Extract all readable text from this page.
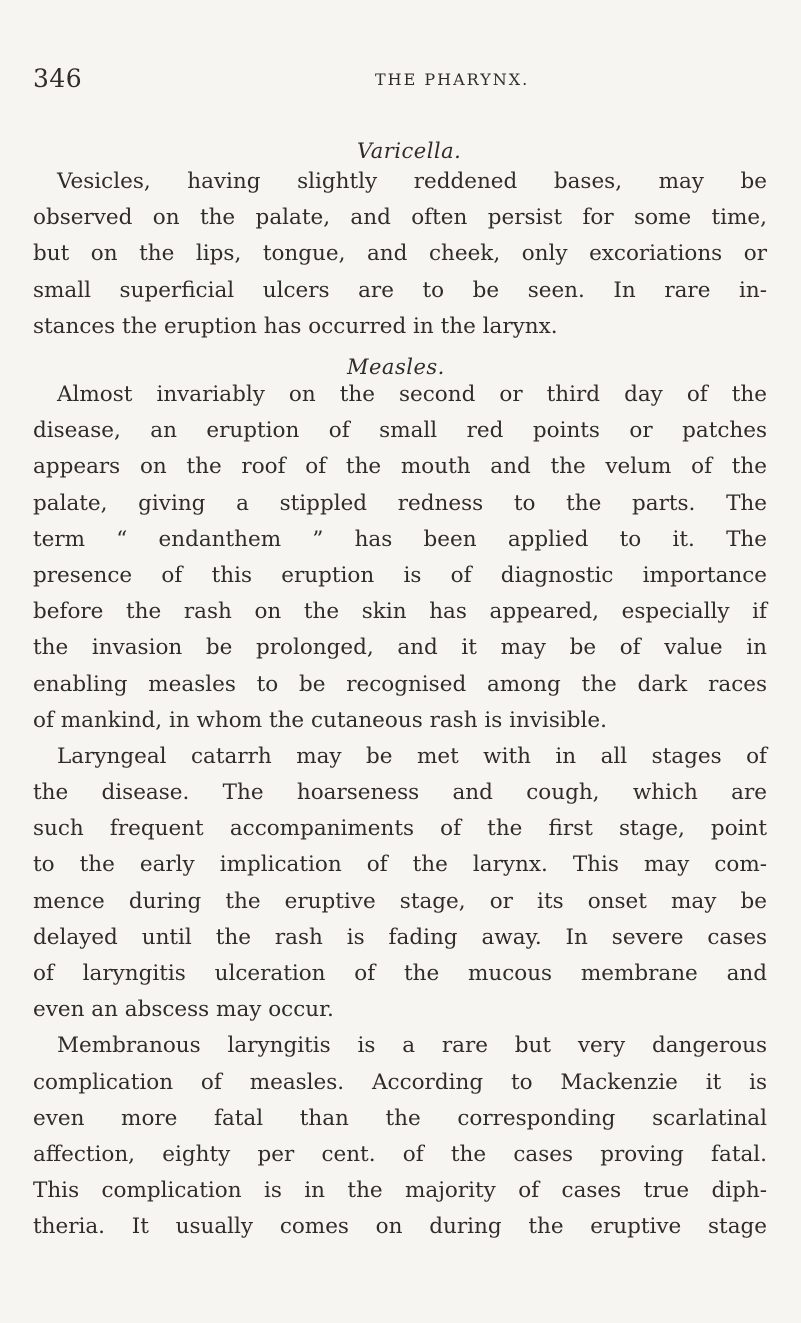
346	THE PHARYNX.
Varicella.
Vesicles, having slightly reddened bases, may be
observed on the palate, and often persist for some time,
but on the lips, tongue, and cheek, only excoriations or
small superficial ulcers are to be seen. In rare in-
stances the eruption has occurred in the larynx.
Measles.
Almost invariably on the second or third day of the
disease, an eruption of small red points or patches
appears on the roof of the mouth and the velum of the
palate, giving a stippled redness to the parts. The
term “ endanthem ” has been applied to it. The
presence of this eruption is of diagnostic importance
before the rash on the skin has appeared, especially if
the invasion be prolonged, and it may be of value in
enabling measles to be recognised among the dark races
of mankind, in whom the cutaneous rash is invisible.
Laryngeal catarrh may be met with in all stages of
the disease. The hoarseness and cough, which are
such frequent accompaniments of the first stage, point
to the early implication of the larynx. This may com-
mence during the eruptive stage, or its onset may be
delayed until the rash is fading away. In severe cases
of laryngitis ulceration of the mucous membrane and
even an abscess may occur.
Membranous laryngitis is a rare but very dangerous
complication of measles. According to Mackenzie it is
even more fatal than the corresponding scarlatinal
affection, eighty per cent. of the cases proving fatal.
This complication is in the majority of cases true diph-
theria. It usually comes on during the eruptive stage
